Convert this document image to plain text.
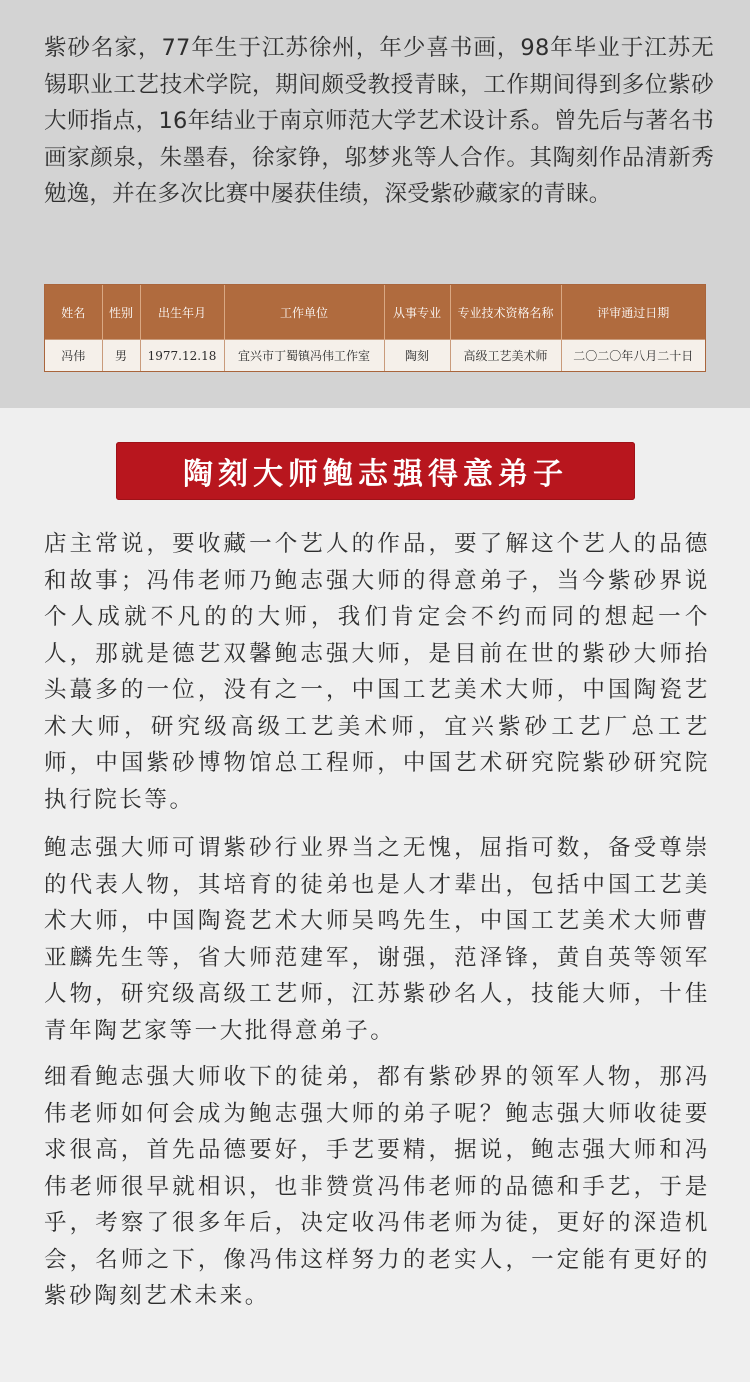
紫砂名家，77年生于江苏徐州，年少喜书画，98年毕业于江苏无锡职业工艺技术学院，期间颇受教授青睐，工作期间得到多位紫砂大师指点，16年结业于南京师范大学艺术设计系。曾先后与著名书画家颜泉，朱墨春，徐家铮，邬梦兆等人合作。其陶刻作品清新秀勉逸，并在多次比赛中屡获佳绩，深受紫砂藏家的青睐。
姓名	性别	出生年月	工作单位	从事专业	专业技术资格名称	评审通过日期
冯伟	男	1977.12.18	宜兴市丁蜀镇冯伟工作室	陶刻	高级工艺美术师	二〇二〇年八月二十日
陶刻大师鲍志强得意弟子
店主常说，要收藏一个艺人的作品，要了解这个艺人的品德和故事；冯伟老师乃鲍志强大师的得意弟子，当今紫砂界说个人成就不凡的的大师，我们肯定会不约而同的想起一个人，那就是德艺双馨鲍志强大师，是目前在世的紫砂大师抬头蕞多的一位，没有之一，中国工艺美术大师，中国陶瓷艺术大师，研究级高级工艺美术师，宜兴紫砂工艺厂总工艺师，中国紫砂博物馆总工程师，中国艺术研究院紫砂研究院执行院长等。
鲍志强大师可谓紫砂行业界当之无愧，屈指可数，备受尊崇的代表人物，其培育的徒弟也是人才辈出，包括中国工艺美术大师，中国陶瓷艺术大师吴鸣先生，中国工艺美术大师曹亚麟先生等，省大师范建军，谢强，范泽锋，黄自英等领军人物，研究级高级工艺师，江苏紫砂名人，技能大师，十佳青年陶艺家等一大批得意弟子。
细看鲍志强大师收下的徒弟，都有紫砂界的领军人物，那冯伟老师如何会成为鲍志强大师的弟子呢？鲍志强大师收徒要求很高，首先品德要好，手艺要精，据说，鲍志强大师和冯伟老师很早就相识，也非赞赏冯伟老师的品德和手艺，于是乎，考察了很多年后，决定收冯伟老师为徒，更好的深造机会，名师之下，像冯伟这样努力的老实人，一定能有更好的紫砂陶刻艺术未来。
